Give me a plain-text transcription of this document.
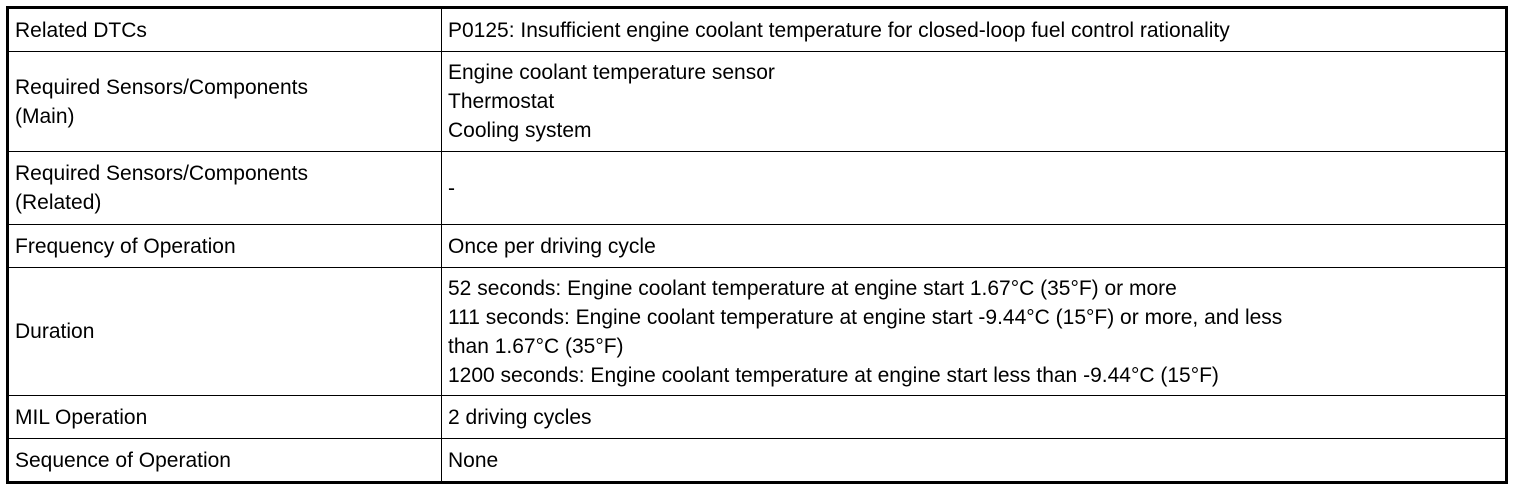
Related DTCs	P0125: Insufficient engine coolant temperature for closed-loop fuel control rationality

Required Sensors/Components
(Main)	Engine coolant temperature sensor
Thermostat
Cooling system

Required Sensors/Components
(Related)	-

Frequency of Operation	Once per driving cycle

Duration	52 seconds: Engine coolant temperature at engine start 1.67°C (35°F) or more
111 seconds: Engine coolant temperature at engine start -9.44°C (15°F) or more, and less
than 1.67°C (35°F)
1200 seconds: Engine coolant temperature at engine start less than -9.44°C (15°F)

MIL Operation	2 driving cycles

Sequence of Operation	None
